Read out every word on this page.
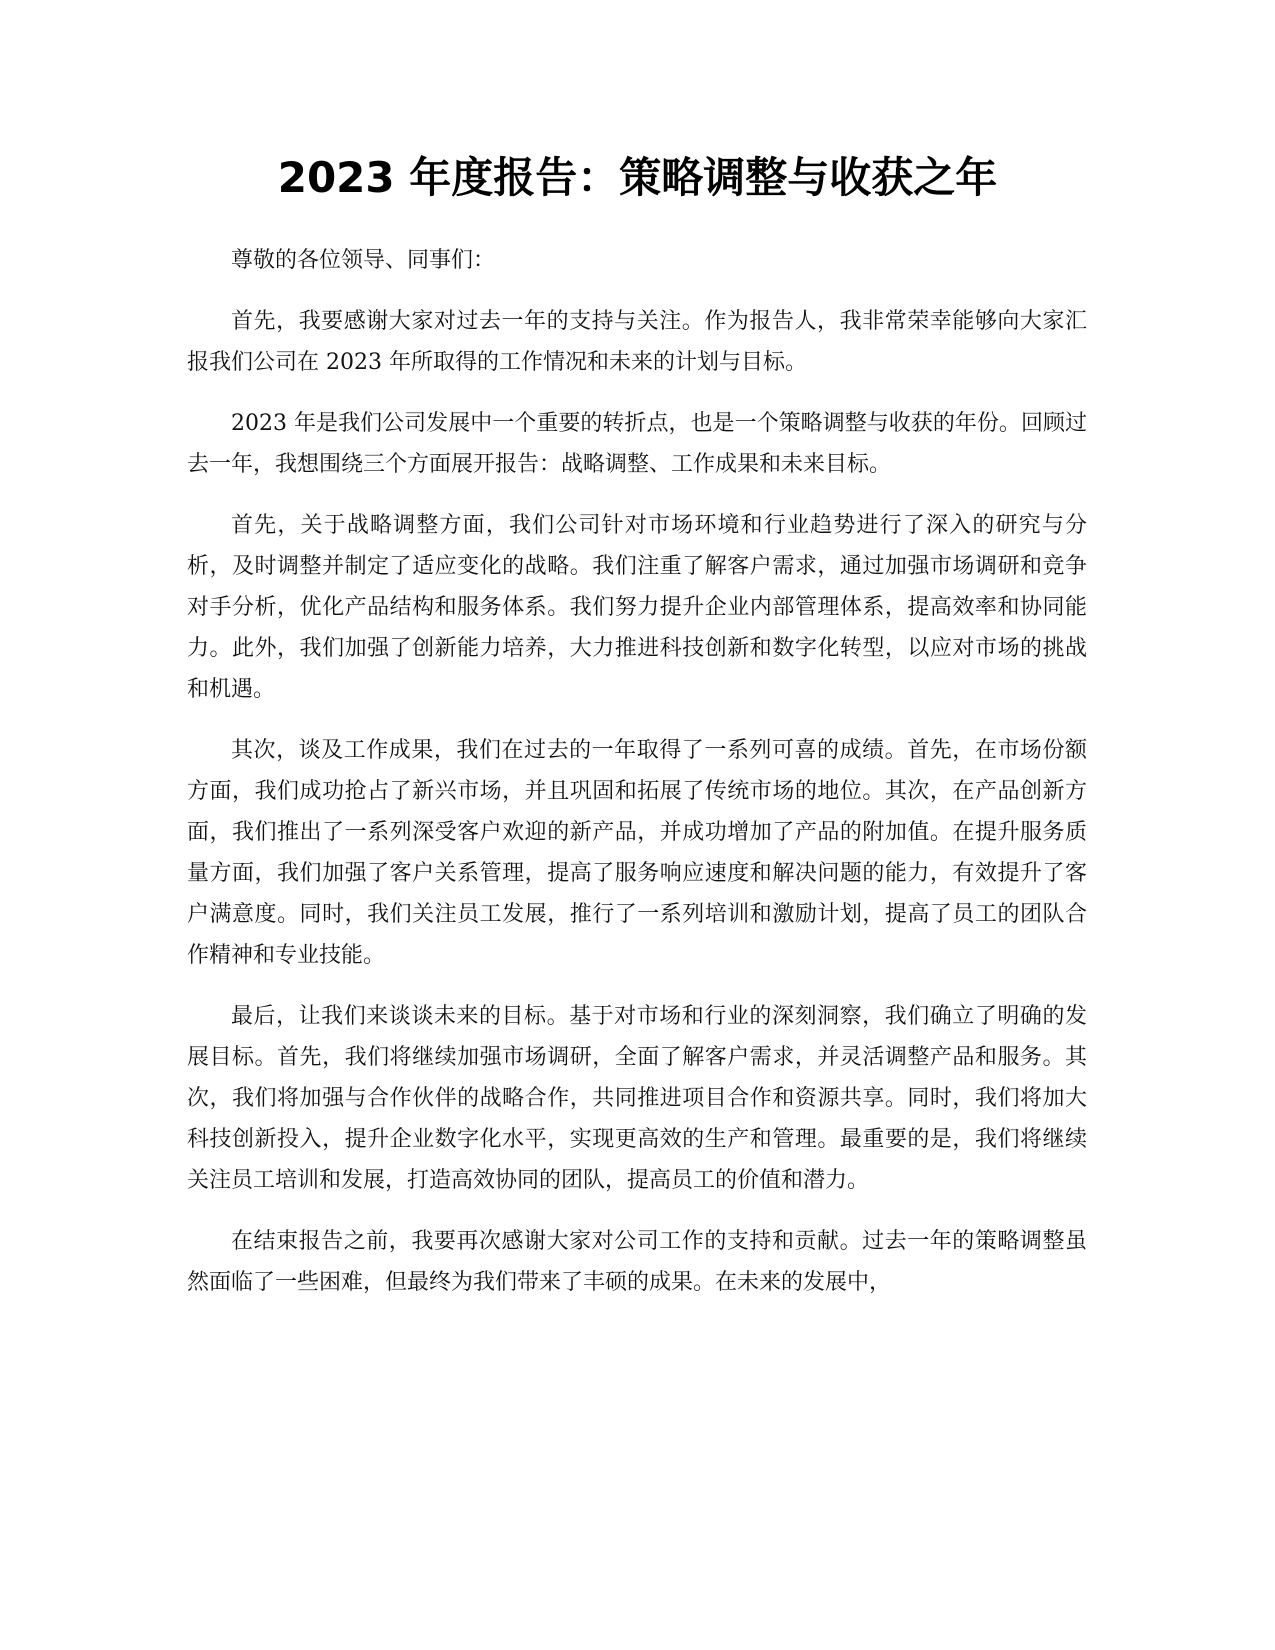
2023 年度报告：策略调整与收获之年

尊敬的各位领导、同事们：

首先，我要感谢大家对过去一年的支持与关注。作为报告人，我非常荣幸能够向大家汇报我们公司在 2023 年所取得的工作情况和未来的计划与目标。

2023 年是我们公司发展中一个重要的转折点，也是一个策略调整与收获的年份。回顾过去一年，我想围绕三个方面展开报告：战略调整、工作成果和未来目标。

首先，关于战略调整方面，我们公司针对市场环境和行业趋势进行了深入的研究与分析，及时调整并制定了适应变化的战略。我们注重了解客户需求，通过加强市场调研和竞争对手分析，优化产品结构和服务体系。我们努力提升企业内部管理体系，提高效率和协同能力。此外，我们加强了创新能力培养，大力推进科技创新和数字化转型，以应对市场的挑战和机遇。

其次，谈及工作成果，我们在过去的一年取得了一系列可喜的成绩。首先，在市场份额方面，我们成功抢占了新兴市场，并且巩固和拓展了传统市场的地位。其次，在产品创新方面，我们推出了一系列深受客户欢迎的新产品，并成功增加了产品的附加值。在提升服务质量方面，我们加强了客户关系管理，提高了服务响应速度和解决问题的能力，有效提升了客户满意度。同时，我们关注员工发展，推行了一系列培训和激励计划，提高了员工的团队合作精神和专业技能。

最后，让我们来谈谈未来的目标。基于对市场和行业的深刻洞察，我们确立了明确的发展目标。首先，我们将继续加强市场调研，全面了解客户需求，并灵活调整产品和服务。其次，我们将加强与合作伙伴的战略合作，共同推进项目合作和资源共享。同时，我们将加大科技创新投入，提升企业数字化水平，实现更高效的生产和管理。最重要的是，我们将继续关注员工培训和发展，打造高效协同的团队，提高员工的价值和潜力。

在结束报告之前，我要再次感谢大家对公司工作的支持和贡献。过去一年的策略调整虽然面临了一些困难，但最终为我们带来了丰硕的成果。在未来的发展中，
